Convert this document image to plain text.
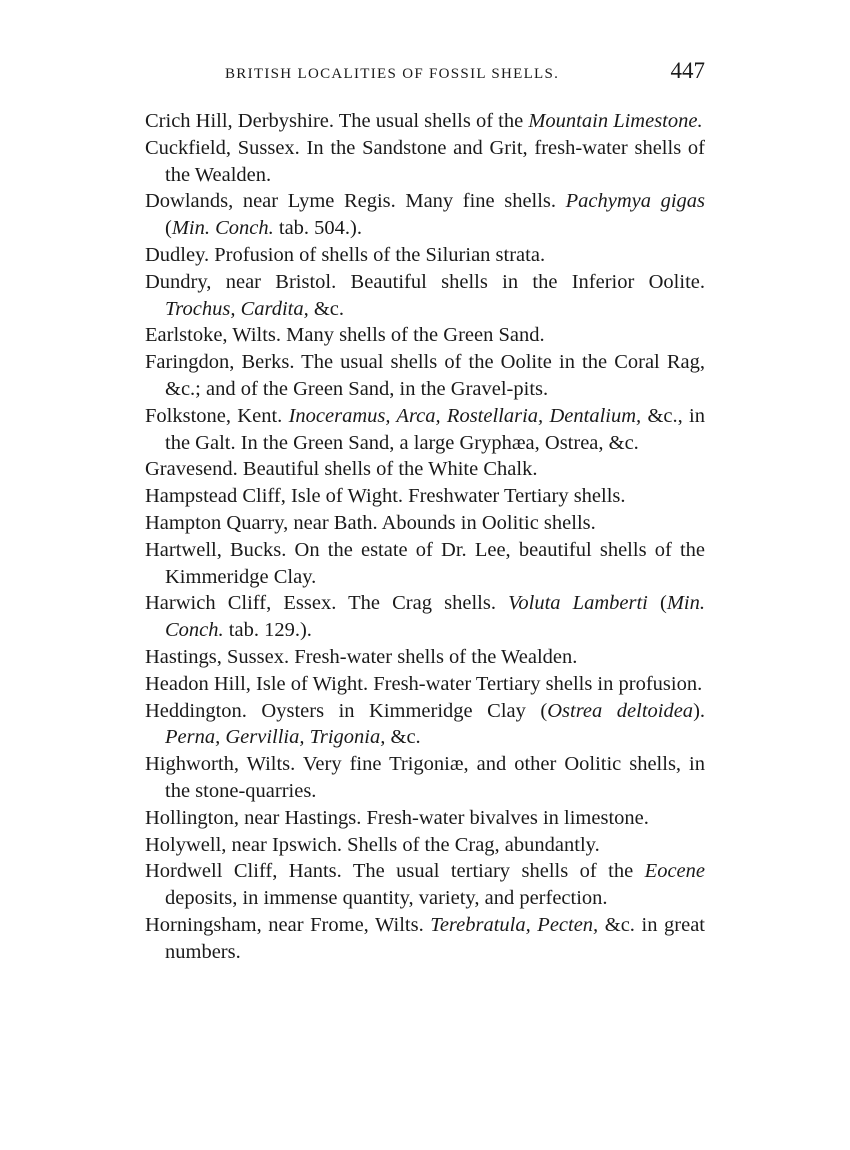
BRITISH LOCALITIES OF FOSSIL SHELLS.	447

Crich Hill, Derbyshire. The usual shells of the Mountain Limestone.

Cuckfield, Sussex. In the Sandstone and Grit, fresh-water shells of the Wealden.

Dowlands, near Lyme Regis. Many fine shells. Pachymya gigas (Min. Conch. tab. 504.).

Dudley. Profusion of shells of the Silurian strata.

Dundry, near Bristol. Beautiful shells in the Inferior Oolite. Trochus, Cardita, &c.

Earlstoke, Wilts. Many shells of the Green Sand.

Faringdon, Berks. The usual shells of the Oolite in the Coral Rag, &c.; and of the Green Sand, in the Gravel-pits.

Folkstone, Kent. Inoceramus, Arca, Rostellaria, Dentalium, &c., in the Galt. In the Green Sand, a large Gryphæa, Ostrea, &c.

Gravesend. Beautiful shells of the White Chalk.

Hampstead Cliff, Isle of Wight. Freshwater Tertiary shells.

Hampton Quarry, near Bath. Abounds in Oolitic shells.

Hartwell, Bucks. On the estate of Dr. Lee, beautiful shells of the Kimmeridge Clay.

Harwich Cliff, Essex. The Crag shells. Voluta Lamberti (Min. Conch. tab. 129.).

Hastings, Sussex. Fresh-water shells of the Wealden.

Headon Hill, Isle of Wight. Fresh-water Tertiary shells in profusion.

Heddington. Oysters in Kimmeridge Clay (Ostrea deltoidea). Perna, Gervillia, Trigonia, &c.

Highworth, Wilts. Very fine Trigoniæ, and other Oolitic shells, in the stone-quarries.

Hollington, near Hastings. Fresh-water bivalves in limestone.

Holywell, near Ipswich. Shells of the Crag, abundantly.

Hordwell Cliff, Hants. The usual tertiary shells of the Eocene deposits, in immense quantity, variety, and perfection.

Horningsham, near Frome, Wilts. Terebratula, Pecten, &c. in great numbers.
